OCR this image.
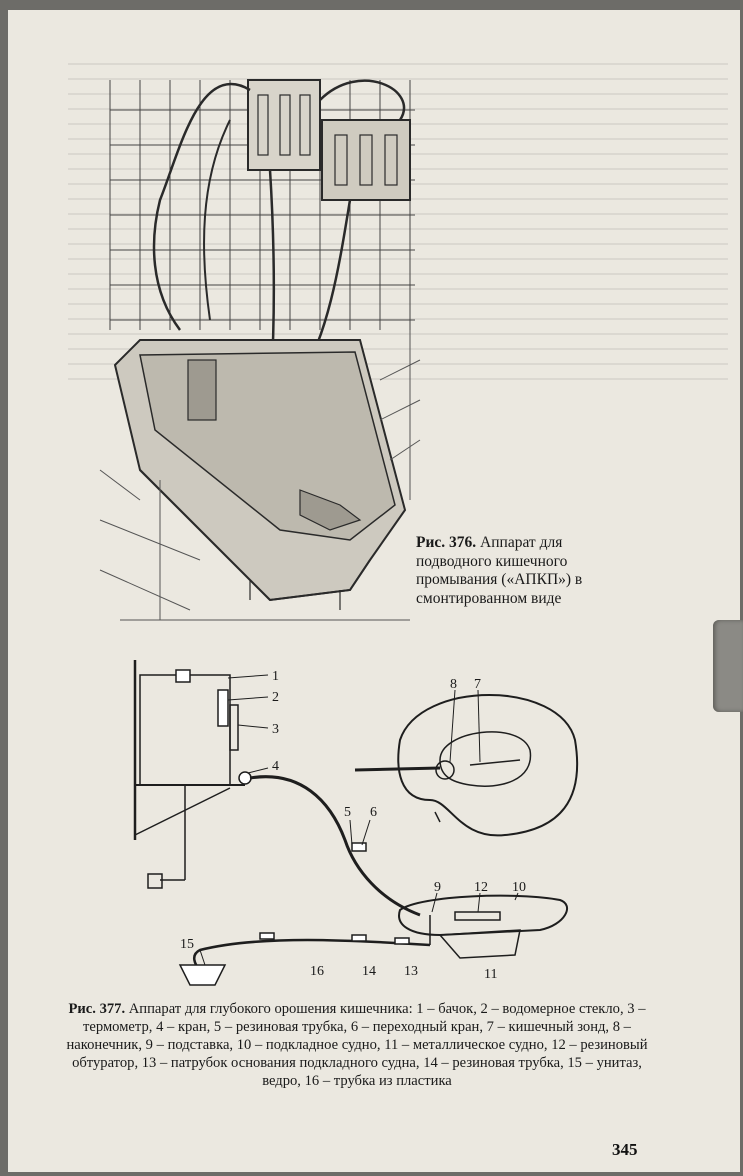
Рис. 376. Аппарат для подводного кишечного промывания («АПКП») в смонтированном виде
1
2
3
4
5 6
7
8
9	10
11
12
13
14
15
16
Рис. 377. Аппарат для глубокого орошения кишечника: 1 – бачок, 2 – водомерное стекло, 3 – термометр, 4 – кран, 5 – резиновая трубка, 6 – переходный кран, 7 – кишечный зонд, 8 – наконечник, 9 – подставка, 10 – подкладное судно, 11 – металлическое судно, 12 – резиновый обтуратор, 13 – патрубок основания подкладного судна, 14 – резиновая трубка, 15 – унитаз, ведро, 16 – трубка из пластика
345
